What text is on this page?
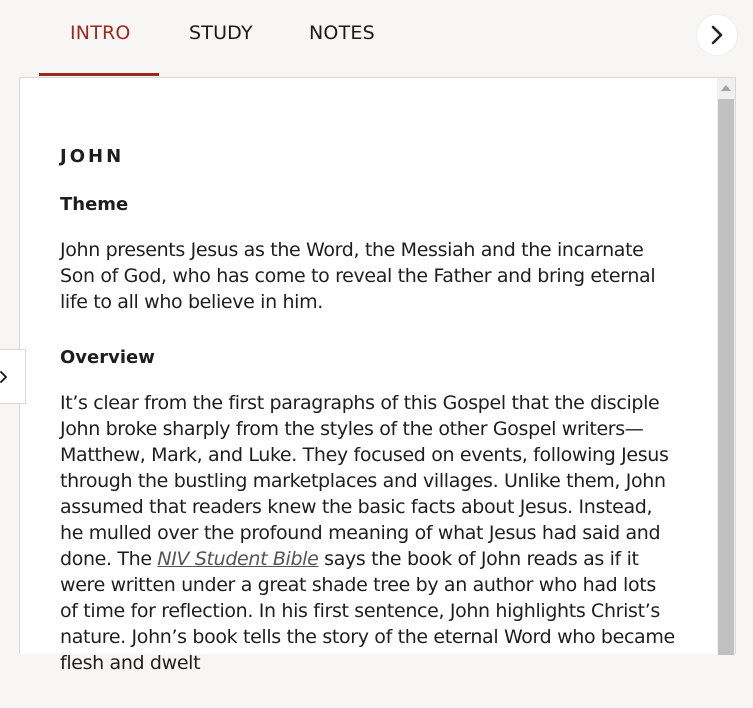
INTRO	STUDY	NOTES
JOHN
Theme
John presents Jesus as the Word, the Messiah and the incarnate Son of God, who has come to reveal the Father and bring eternal life to all who believe in him.
Overview
It’s clear from the first paragraphs of this Gospel that the disciple John broke sharply from the styles of the other Gospel writers—Matthew, Mark, and Luke. They focused on events, following Jesus through the bustling marketplaces and villages. Unlike them, John assumed that readers knew the basic facts about Jesus. Instead, he mulled over the profound meaning of what Jesus had said and done. The NIV Student Bible says the book of John reads as if it were written under a great shade tree by an author who had lots of time for reflection. In his first sentence, John highlights Christ’s nature. John’s book tells the story of the eternal Word who became flesh and dwelt
